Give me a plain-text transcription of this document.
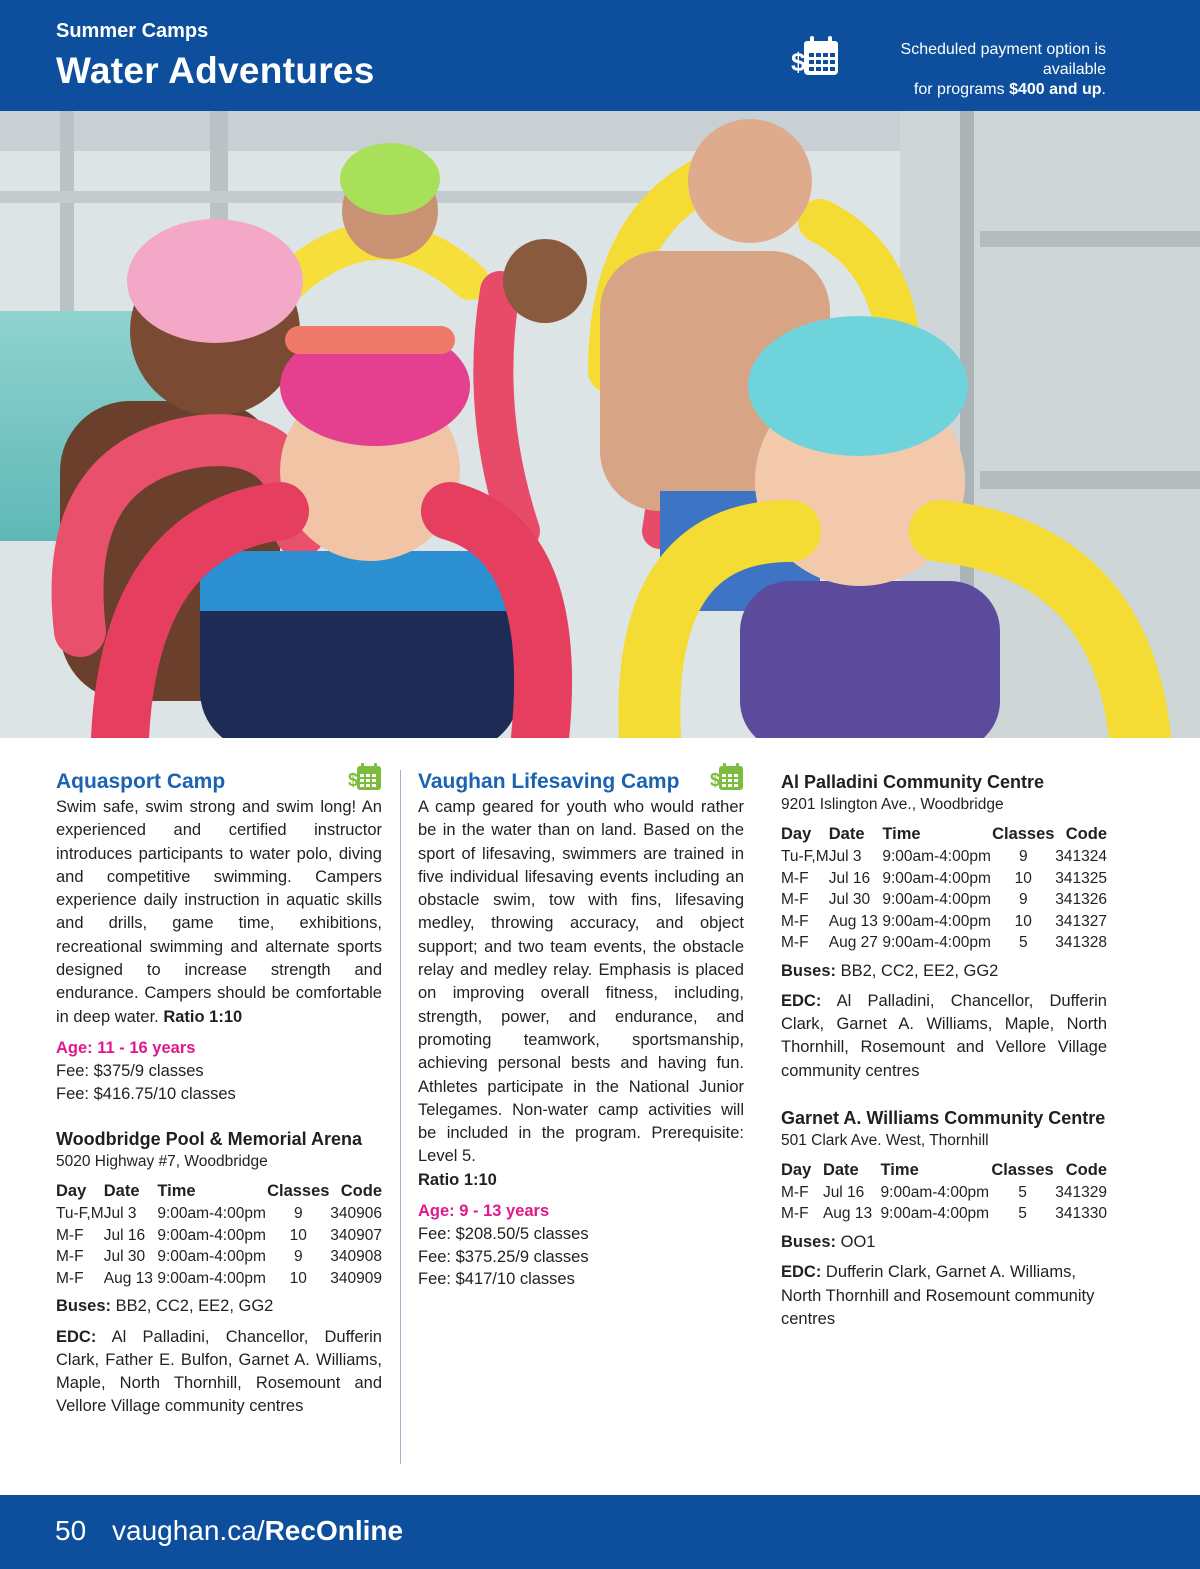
Summer Camps
Water Adventures	$	Scheduled payment option is available
for programs $400 and up.
Aquasport Camp	$
Swim safe, swim strong and swim long! An experienced and certified instructor introduces participants to water polo, diving and competitive swimming. Campers experience daily instruction in aquatic skills and drills, game time, exhibitions, recreational swimming and alternate sports designed to increase strength and endurance. Campers should be comfortable in deep water. Ratio 1:10
Age: 11 - 16 years
Fee: $375/9 classes
Fee: $416.75/10 classes
Woodbridge Pool & Memorial Arena
5020 Highway #7, Woodbridge
Day	Date	Time	Classes	Code
Tu-F,M	Jul 3	9:00am-4:00pm	9	340906
M-F	Jul 16	9:00am-4:00pm	10	340907
M-F	Jul 30	9:00am-4:00pm	9	340908
M-F	Aug 13	9:00am-4:00pm	10	340909
Buses: BB2, CC2, EE2, GG2
EDC: Al Palladini, Chancellor, Dufferin Clark, Father E. Bulfon, Garnet A. Williams, Maple, North Thornhill, Rosemount and Vellore Village community centres
Vaughan Lifesaving Camp $
A camp geared for youth who would rather be in the water than on land. Based on the sport of lifesaving, swimmers are trained in five individual lifesaving events including an obstacle swim, tow with fins, lifesaving medley, throwing accuracy, and object support; and two team events, the obstacle relay and medley relay. Emphasis is placed on improving overall fitness, including, strength, power, and endurance, and promoting teamwork, sportsmanship, achieving personal bests and having fun. Athletes participate in the National Junior Telegames. Non-water camp activities will be included in the program. Prerequisite: Level 5.
Ratio 1:10
Age: 9 - 13 years
Fee: $208.50/5 classes
Fee: $375.25/9 classes
Fee: $417/10 classes
Al Palladini Community Centre
9201 Islington Ave., Woodbridge
Day	Date	Time	Classes	Code
Tu-F,M	Jul 3	9:00am-4:00pm	9	341324
M-F	Jul 16	9:00am-4:00pm	10	341325
M-F	Jul 30	9:00am-4:00pm	9	341326
M-F	Aug 13	9:00am-4:00pm	10	341327
M-F	Aug 27	9:00am-4:00pm	5	341328
Buses: BB2, CC2, EE2, GG2
EDC: Al Palladini, Chancellor, Dufferin Clark, Garnet A. Williams, Maple, North Thornhill, Rosemount and Vellore Village community centres
Garnet A. Williams Community Centre
501 Clark Ave. West, Thornhill
Day	Date	Time	Classes	Code
M-F	Jul 16	9:00am-4:00pm	5	341329
M-F	Aug 13	9:00am-4:00pm	5	341330
Buses: OO1
EDC: Dufferin Clark, Garnet A. Williams, North Thornhill and Rosemount community centres
50 vaughan.ca/RecOnline
